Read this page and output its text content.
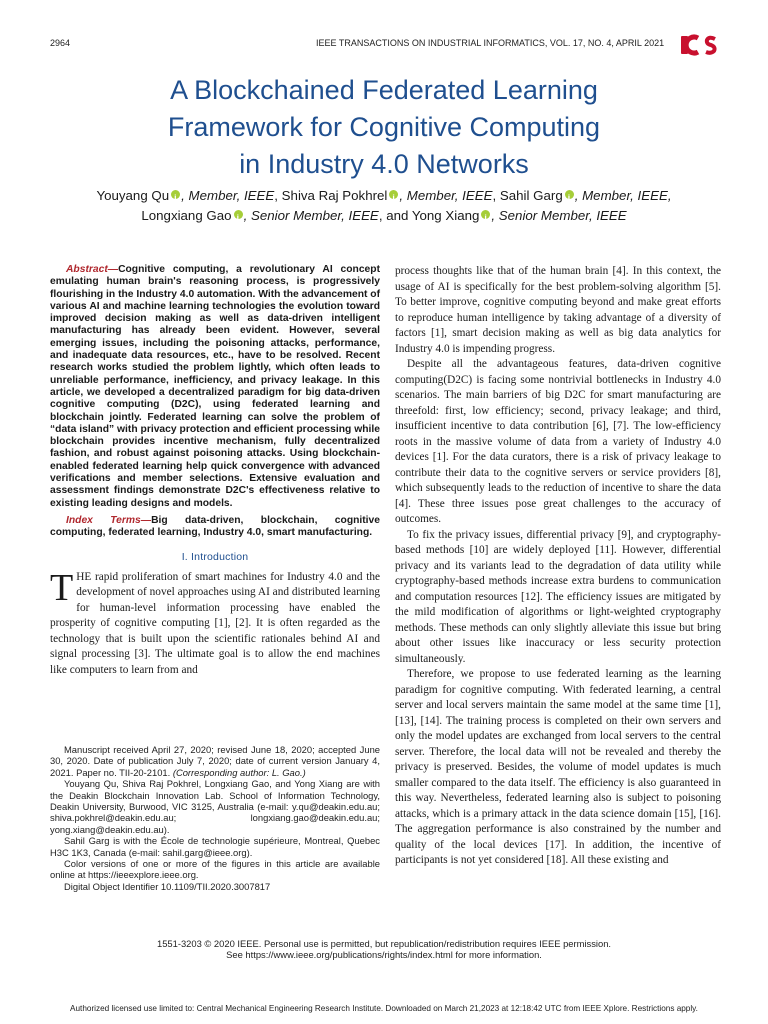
2964	IEEE TRANSACTIONS ON INDUSTRIAL INFORMATICS, VOL. 17, NO. 4, APRIL 2021
A Blockchained Federated Learning
Framework for Cognitive Computing
in Industry 4.0 Networks
Youyang Qu i , Member, IEEE, Shiva Raj Pokhrel i , Member, IEEE, Sahil Garg i , Member, IEEE,
Longxiang Gao i , Senior Member, IEEE, and Yong Xiang i , Senior Member, IEEE

Abstract—Cognitive computing, a revolutionary AI concept emulating human brain's reasoning process, is progressively flourishing in the Industry 4.0 automation. With the advancement of various AI and machine learning technologies the evolution toward improved decision making as well as data-driven intelligent manufacturing has already been evident. However, several emerging issues, including the poisoning attacks, performance, and inadequate data resources, etc., have to be resolved. Recent research works studied the problem lightly, which often leads to unreliable performance, inefficiency, and privacy leakage. In this article, we developed a decentralized paradigm for big data-driven cognitive computing (D2C), using federated learning and blockchain jointly. Federated learning can solve the problem of “data island” with privacy protection and efficient processing while blockchain provides incentive mechanism, fully decentralized fashion, and robust against poisoning attacks. Using blockchain-enabled federated learning help quick convergence with advanced verifications and member selections. Extensive evaluation and assessment findings demonstrate D2C's effectiveness relative to existing leading designs and models.

Index Terms—Big data-driven, blockchain, cognitive computing, federated learning, Industry 4.0, smart manufacturing.

I. Introduction

THE rapid proliferation of smart machines for Industry 4.0 and the development of novel approaches using AI and distributed learning for human-level information processing have enabled the prosperity of cognitive computing [1], [2]. It is often regarded as the technology that is built upon the scientific rationales behind AI and signal processing [3]. The ultimate goal is to allow the end machines like computers to learn from and

Manuscript received April 27, 2020; revised June 18, 2020; accepted June 30, 2020. Date of publication July 7, 2020; date of current version January 4, 2021. Paper no. TII-20-2101. (Corresponding author: L. Gao.)

Youyang Qu, Shiva Raj Pokhrel, Longxiang Gao, and Yong Xiang are with the Deakin Blockchain Innovation Lab. School of Information Technology, Deakin University, Burwood, VIC 3125, Australia (e-mail: y.qu@deakin.edu.au; shiva.pokhrel@deakin.edu.au; longxiang.gao@deakin.edu.au; yong.xiang@deakin.edu.au).

Sahil Garg is with the École de technologie supérieure, Montreal, Quebec H3C 1K3, Canada (e-mail: sahil.garg@ieee.org).

Color versions of one or more of the figures in this article are available online at https://ieeexplore.ieee.org.

Digital Object Identifier 10.1109/TII.2020.3007817

process thoughts like that of the human brain [4]. In this context, the usage of AI is specifically for the best problem-solving algorithm [5]. To better improve, cognitive computing beyond and make great efforts to reproduce human intelligence by taking advantage of a diversity of factors [1], smart decision making as well as big data analytics for Industry 4.0 is impending progress.

Despite all the advantageous features, data-driven cognitive computing(D2C) is facing some nontrivial bottlenecks in Industry 4.0 scenarios. The main barriers of big D2C for smart manufacturing are threefold: first, low efficiency; second, privacy leakage; and third, insufficient incentive to data contribution [6], [7]. The low-efficiency roots in the massive volume of data from a variety of Industry 4.0 devices [1]. For the data curators, there is a risk of privacy leakage to contribute their data to the cognitive servers or service providers [8], which subsequently leads to the reduction of incentive to share the data [4]. These three issues pose great challenges to the accuracy of outcomes.

To fix the privacy issues, differential privacy [9], and cryptography-based methods [10] are widely deployed [11]. However, differential privacy and its variants lead to the degradation of data utility while cryptography-based methods increase extra burdens to communication and computation resources [12]. The efficiency issues are mitigated by the mild modification of algorithms or light-weighted cryptography methods. These methods can only slightly alleviate this issue but bring about other issues like inaccuracy or less security protection simultaneously.

Therefore, we propose to use federated learning as the learning paradigm for cognitive computing. With federated learning, a central server and local servers maintain the same model at the same time [1], [13], [14]. The training process is completed on their own servers and only the model updates are exchanged from local servers to the central server. Therefore, the local data will not be revealed and thereby the privacy is preserved. Besides, the volume of model updates is much smaller compared to the data itself. The efficiency is also guaranteed in this way. Nevertheless, federated learning also is subject to poisoning attacks, which is a primary attack in the data science domain [15], [16]. The aggregation performance is also constrained by the number and quality of the local devices [17]. In addition, the incentive of participants is not yet considered [18]. All these existing and

1551-3203 © 2020 IEEE. Personal use is permitted, but republication/redistribution requires IEEE permission.
See https://www.ieee.org/publications/rights/index.html for more information.
Authorized licensed use limited to: Central Mechanical Engineering Research Institute. Downloaded on March 21,2023 at 12:18:42 UTC from IEEE Xplore. Restrictions apply.
